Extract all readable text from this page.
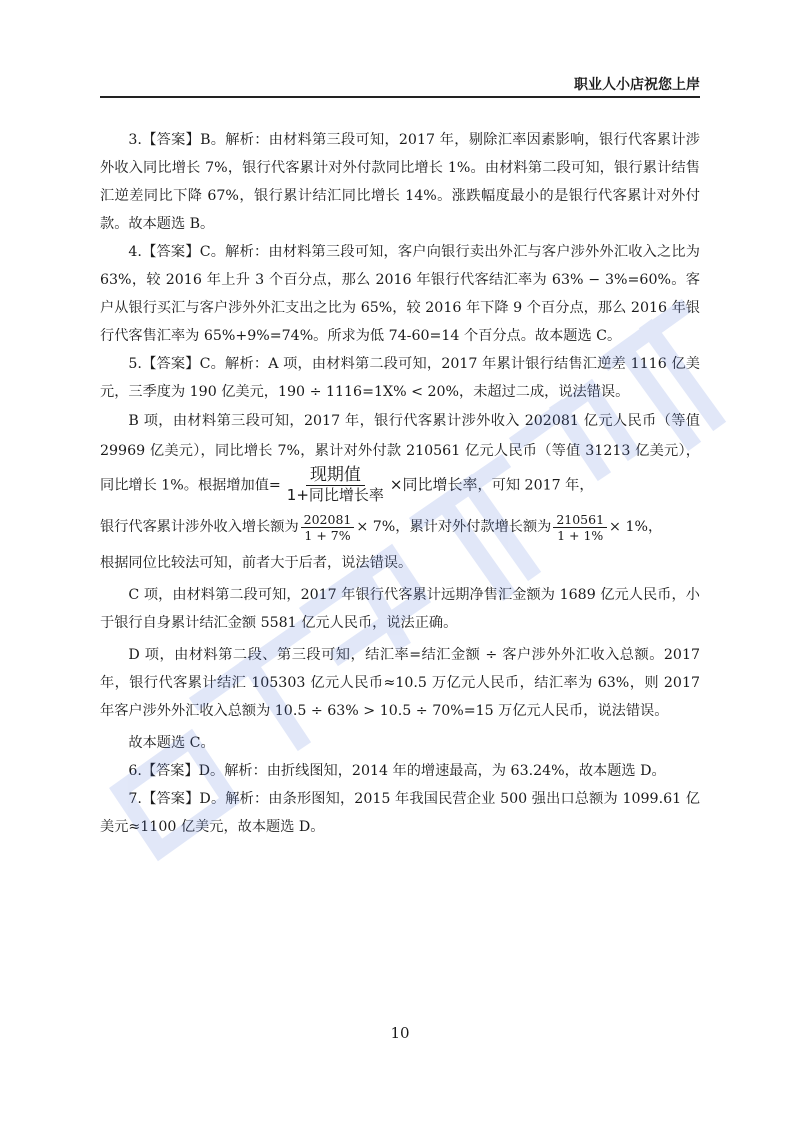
职业人小店祝您上岸

3.【答案】B。解析：由材料第三段可知，2017 年，剔除汇率因素影响，银行代客累计涉外收入同比增长 7%，银行代客累计对外付款同比增长 1%。由材料第二段可知，银行累计结售汇逆差同比下降 67%，银行累计结汇同比增长 14%。涨跌幅度最小的是银行代客累计对外付款。故本题选 B。

4.【答案】C。解析：由材料第三段可知，客户向银行卖出外汇与客户涉外外汇收入之比为 63%，较 2016 年上升 3 个百分点，那么 2016 年银行代客结汇率为 63% − 3%=60%。客户从银行买汇与客户涉外外汇支出之比为 65%，较 2016 年下降 9 个百分点，那么 2016 年银行代客售汇率为 65%+9%=74%。所求为低 74-60=14 个百分点。故本题选 C。

5.【答案】C。解析：A 项，由材料第二段可知，2017 年累计银行结售汇逆差 1116 亿美元，三季度为 190 亿美元，190 ÷ 1116=1X% < 20%，未超过二成，说法错误。

B 项，由材料第三段可知，2017 年，银行代客累计涉外收入 202081 亿元人民币（等值 29969 亿美元），同比增长 7%，累计对外付款 210561 亿元人民币（等值 31213 亿美元），同比增长 1%。根据增加值= $\frac{\text{现期值}}{\text{1+同比增长率}}$ ×同比增长率，可知 2017 年，

银行代客累计涉外收入增长额为 $\frac{202081}{1 + 7\%} \times 7\%$，累计对外付款增长额为 $\frac{210561}{1 + 1\%} \times 1\%$，

根据同位比较法可知，前者大于后者，说法错误。

C 项，由材料第二段可知，2017 年银行代客累计远期净售汇金额为 1689 亿元人民币，小于银行自身累计结汇金额 5581 亿元人民币，说法正确。

D 项，由材料第二段、第三段可知，结汇率=结汇金额 ÷ 客户涉外外汇收入总额。2017 年，银行代客累计结汇 105303 亿元人民币≈10.5 万亿元人民币，结汇率为 63%，则 2017 年客户涉外外汇收入总额为 10.5 ÷ 63% > 10.5 ÷ 70%=15 万亿元人民币，说法错误。

故本题选 C。

6.【答案】D。解析：由折线图知，2014 年的增速最高，为 63.24%，故本题选 D。

7.【答案】D。解析：由条形图知，2015 年我国民营企业 500 强出口总额为 1099.61 亿美元≈1100 亿美元，故本题选 D。

10
